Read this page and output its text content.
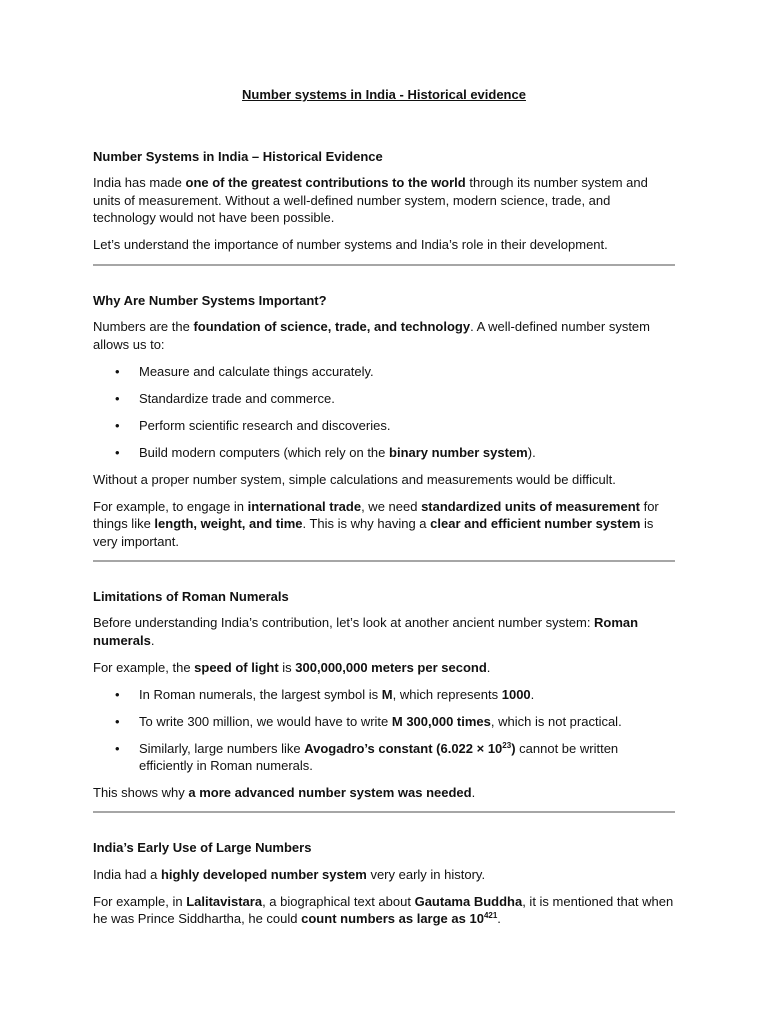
Number systems in India - Historical evidence
Number Systems in India – Historical Evidence

India has made one of the greatest contributions to the world through its number system and units of measurement. Without a well-defined number system, modern science, trade, and technology would not have been possible.

Let’s understand the importance of number systems and India’s role in their development.

Why Are Number Systems Important?

Numbers are the foundation of science, trade, and technology. A well-defined number system allows us to:

• Measure and calculate things accurately.
• Standardize trade and commerce.
• Perform scientific research and discoveries.
• Build modern computers (which rely on the binary number system).

Without a proper number system, simple calculations and measurements would be difficult.

For example, to engage in international trade, we need standardized units of measurement for things like length, weight, and time. This is why having a clear and efficient number system is very important.

Limitations of Roman Numerals

Before understanding India’s contribution, let’s look at another ancient number system: Roman numerals.

For example, the speed of light is 300,000,000 meters per second.

• In Roman numerals, the largest symbol is M, which represents 1000.
• To write 300 million, we would have to write M 300,000 times, which is not practical.
• Similarly, large numbers like Avogadro’s constant $(6.022 \times 10^{23})$ cannot be written efficiently in Roman numerals.

This shows why a more advanced number system was needed.

India’s Early Use of Large Numbers

India had a highly developed number system very early in history.

For example, in Lalitavistara, a biographical text about Gautama Buddha, it is mentioned that when he was Prince Siddhartha, he could count numbers as large as $10^{421}$.
